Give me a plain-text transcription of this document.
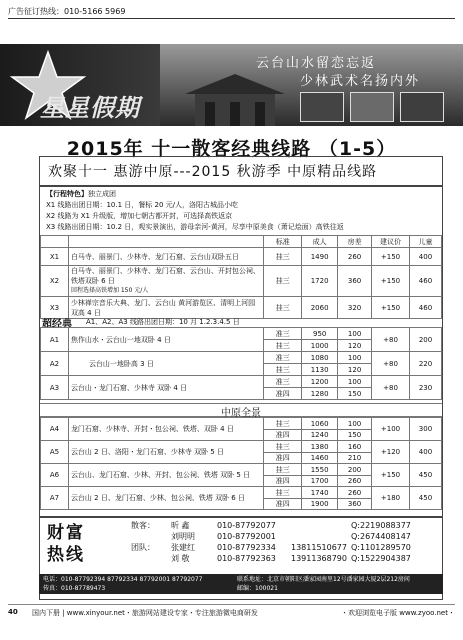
广告征订热线：010-5166 5969
云台山水留恋忘返
少林武术名扬内外
星星假期
2015年 十一散客经典线路 （1-5）
欢聚十一 惠游中原---2015 秋游季 中原精品线路
【行程特色】独立成团
X1 线路出团日期：10.1 日，餐标 20 元/人，洛阳古城品小吃
X2 线路为 X1 升级版，增加七朝古都开封，可选择高铁返京
X3 线路出团日期：10.2 日，观实景演出，游母亲河-黄河，尽享中原美食（萧记烩面）高铁往返
		标准	成人	房差	建议价	儿童
X1	白马寺、丽景门、少林寺、龙门石窟、云台山双卧五日	挂三	1490	260	+150	400
X2	白马寺、丽景门、少林寺、龙门石窟、云台山、开封包公祠、铁塔双卧 6 日
回程选择高铁增加 150 元/人	挂三	1720	360	+150	460
X3	少林禅宗音乐大典、龙门、云台山 黄河游览区、清明上河园 双高 4 日	挂三	2060	320	+150	460
超经典 A1、A2、A3 线路出团日期：10 月 1.2.3.4.5 日
A1	焦作山水・云台山一地双卧 4 日	准三	950	100	+80	200
		挂三	1000	120		
A2	云台山一地卧高 3 日	准三	1080	100	+80	220
		挂三	1130	120		
A3	云台山・龙门石窟、少林寺 双卧 4 日	准三	1200	100	+80	230
		准四	1280	150		
中原全景
A4	龙门石窟、少林寺、开封・包公祠、铁塔、双卧 4 日	挂三	1060	100	+100	300
		准四	1240	150		
A5	云台山 2 日、洛阳・龙门石窟、少林寺 双卧 5 日	挂三	1380	160	+120	400
		准四	1460	210		
A6	云台山、龙门石窟、少林、开封、包公祠、铁塔 双卧 5 日	挂三	1550	200	+150	450
		准四	1700	260		
A7	云台山 2 日、龙门石窟、少林、包公祠、铁塔 双卧 6 日	挂三	1740	260	+180	450
		准四	1900	360		
财富
热线
散客： 昕 鑫	010-87792077	Q:2219088377
刘明明	010-87792001	Q:2674408147
团队： 张建红	010-87792334 13811510677 Q:1101289570
刘 敬	010-87792363 13911368790 Q:1522904387
电话：010-87792394 87792334 87792001 87792077
传真：010-87789473
联系地址：北京市朝阳区潘家园南里12号潘家园大厦2层212房间
邮编：100021
40 国内下册 | www.xinyour.net・旅游网站建设专家・专注旅游微电商研发	・欢迎浏览电子版 www.zyoo.net・
